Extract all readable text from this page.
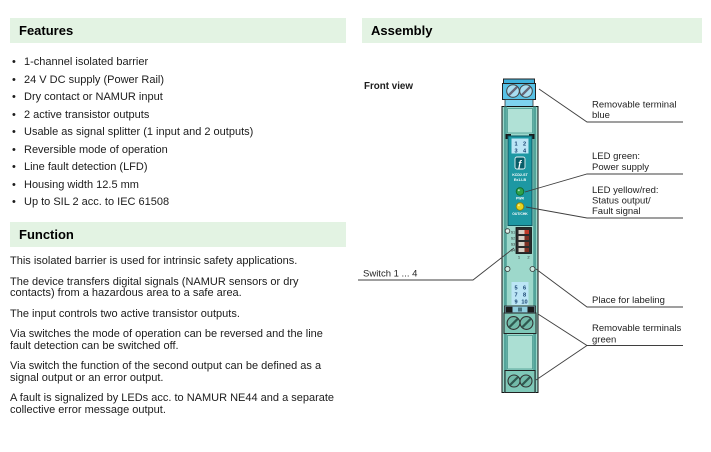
Features
• 1-channel isolated barrier
• 24 V DC supply (Power Rail)
• Dry contact or NAMUR input
• 2 active transistor outputs
• Usable as signal splitter (1 input and 2 outputs)
• Reversible mode of operation
• Line fault detection (LFD)
• Housing width 12.5 mm
• Up to SIL 2 acc. to IEC 61508
Function

This isolated barrier is used for intrinsic safety applications.

The device transfers digital signals (NAMUR sensors or dry contacts) from a hazardous area to a safe area.

The input controls two active transistor outputs.

Via switches the mode of operation can be reversed and the line fault detection can be switched off.

Via switch the function of the second output can be defined as a signal output or an error output.

A fault is signalized by LEDs acc. to NAMUR NE44 and a separate collective error message output.

Assembly
Front view
1 2
3 4
ƒ
KCD2-ST
Ex1.LB
PWR
OUT/CHK
S1
S2
S3
S4
1 2
5 6
7 8
9 10
Removable terminal
blue
LED green:
Power supply
LED yellow/red:
Status output/
Fault signal
Switch 1 ... 4
Place for labeling
Removable terminals
green
